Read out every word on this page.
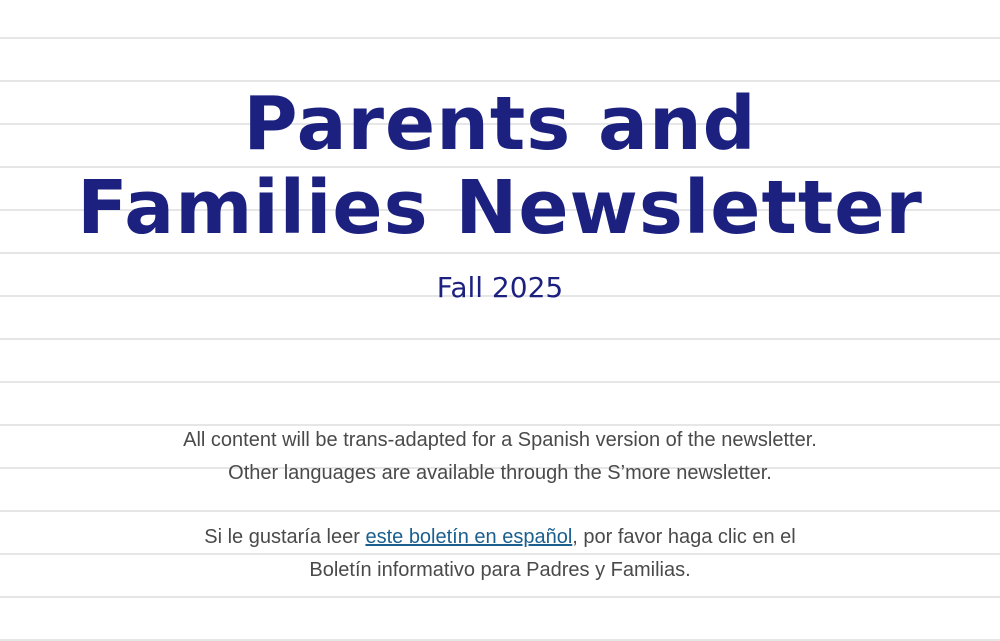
Parents and
Families Newsletter
Fall 2025
All content will be trans-adapted for a Spanish version of the newsletter.
Other languages are available through the S’more newsletter.
Si le gustaría leer este boletín en español, por favor haga clic en el
Boletín informativo para Padres y Familias.
